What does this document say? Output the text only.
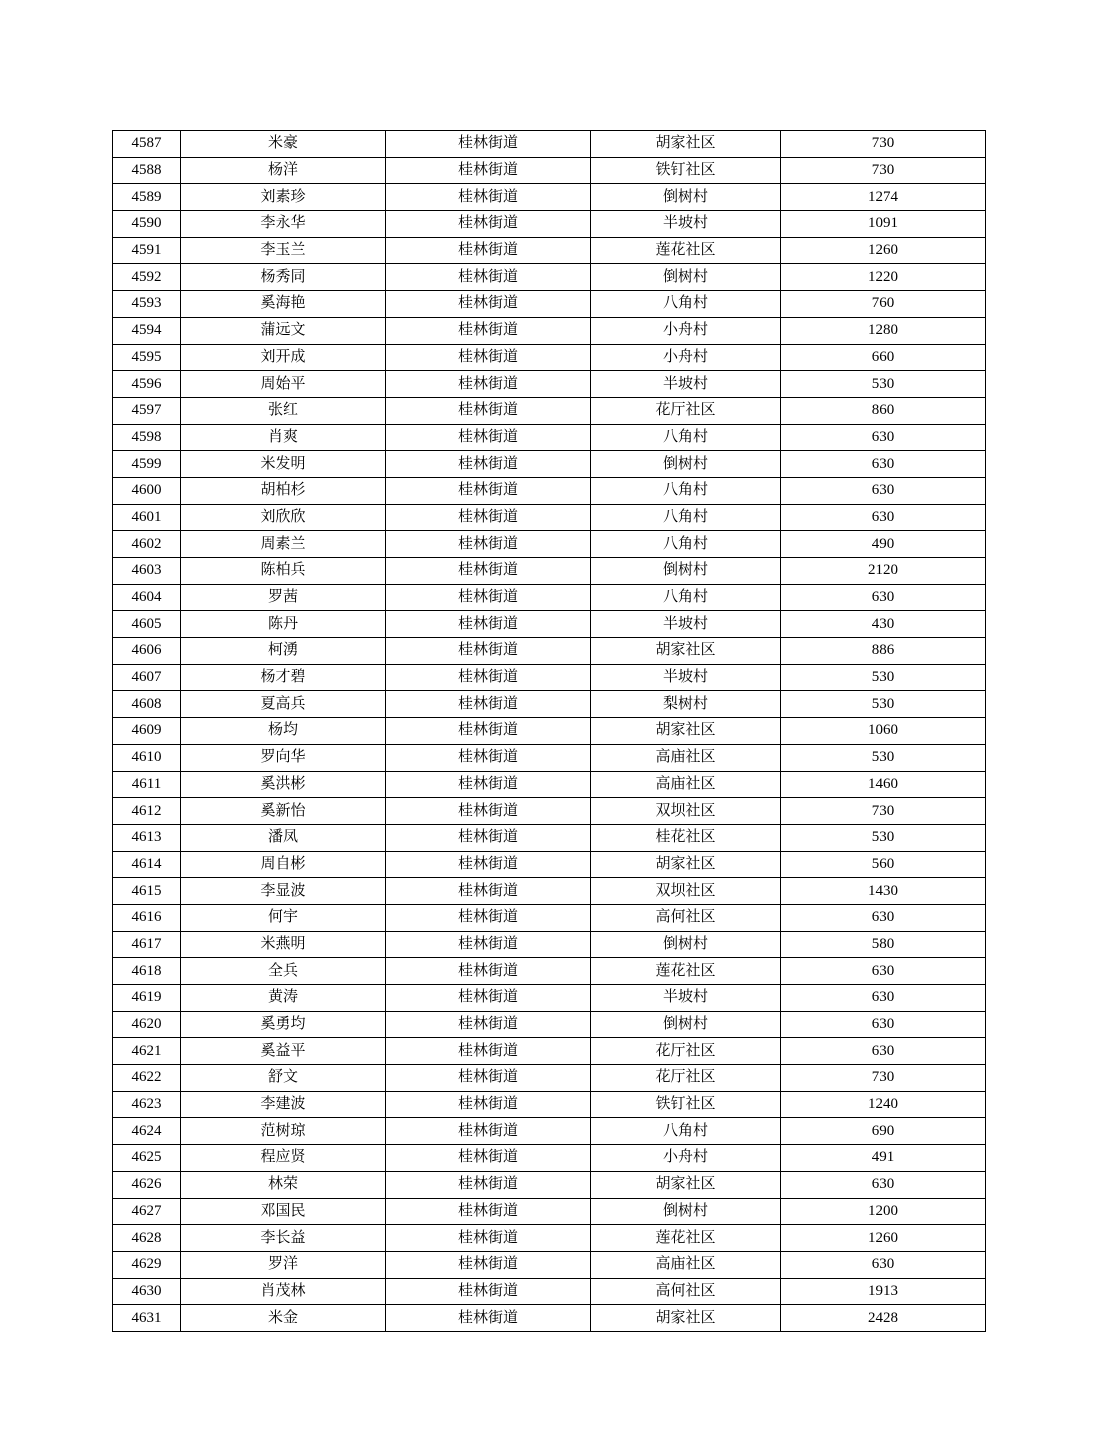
4587	米豪	桂林街道	胡家社区	730
4588	杨洋	桂林街道	铁钉社区	730
4589	刘素珍	桂林街道	倒树村	1274
4590	李永华	桂林街道	半坡村	1091
4591	李玉兰	桂林街道	莲花社区	1260
4592	杨秀同	桂林街道	倒树村	1220
4593	奚海艳	桂林街道	八角村	760
4594	蒲远文	桂林街道	小舟村	1280
4595	刘开成	桂林街道	小舟村	660
4596	周始平	桂林街道	半坡村	530
4597	张红	桂林街道	花厅社区	860
4598	肖爽	桂林街道	八角村	630
4599	米发明	桂林街道	倒树村	630
4600	胡柏杉	桂林街道	八角村	630
4601	刘欣欣	桂林街道	八角村	630
4602	周素兰	桂林街道	八角村	490
4603	陈柏兵	桂林街道	倒树村	2120
4604	罗茜	桂林街道	八角村	630
4605	陈丹	桂林街道	半坡村	430
4606	柯湧	桂林街道	胡家社区	886
4607	杨才碧	桂林街道	半坡村	530
4608	夏高兵	桂林街道	梨树村	530
4609	杨均	桂林街道	胡家社区	1060
4610	罗向华	桂林街道	高庙社区	530
4611	奚洪彬	桂林街道	高庙社区	1460
4612	奚新怡	桂林街道	双坝社区	730
4613	潘凤	桂林街道	桂花社区	530
4614	周自彬	桂林街道	胡家社区	560
4615	李显波	桂林街道	双坝社区	1430
4616	何宇	桂林街道	高何社区	630
4617	米燕明	桂林街道	倒树村	580
4618	全兵	桂林街道	莲花社区	630
4619	黄涛	桂林街道	半坡村	630
4620	奚勇均	桂林街道	倒树村	630
4621	奚益平	桂林街道	花厅社区	630
4622	舒文	桂林街道	花厅社区	730
4623	李建波	桂林街道	铁钉社区	1240
4624	范树琼	桂林街道	八角村	690
4625	程应贤	桂林街道	小舟村	491
4626	林荣	桂林街道	胡家社区	630
4627	邓国民	桂林街道	倒树村	1200
4628	李长益	桂林街道	莲花社区	1260
4629	罗洋	桂林街道	高庙社区	630
4630	肖茂林	桂林街道	高何社区	1913
4631	米金	桂林街道	胡家社区	2428
